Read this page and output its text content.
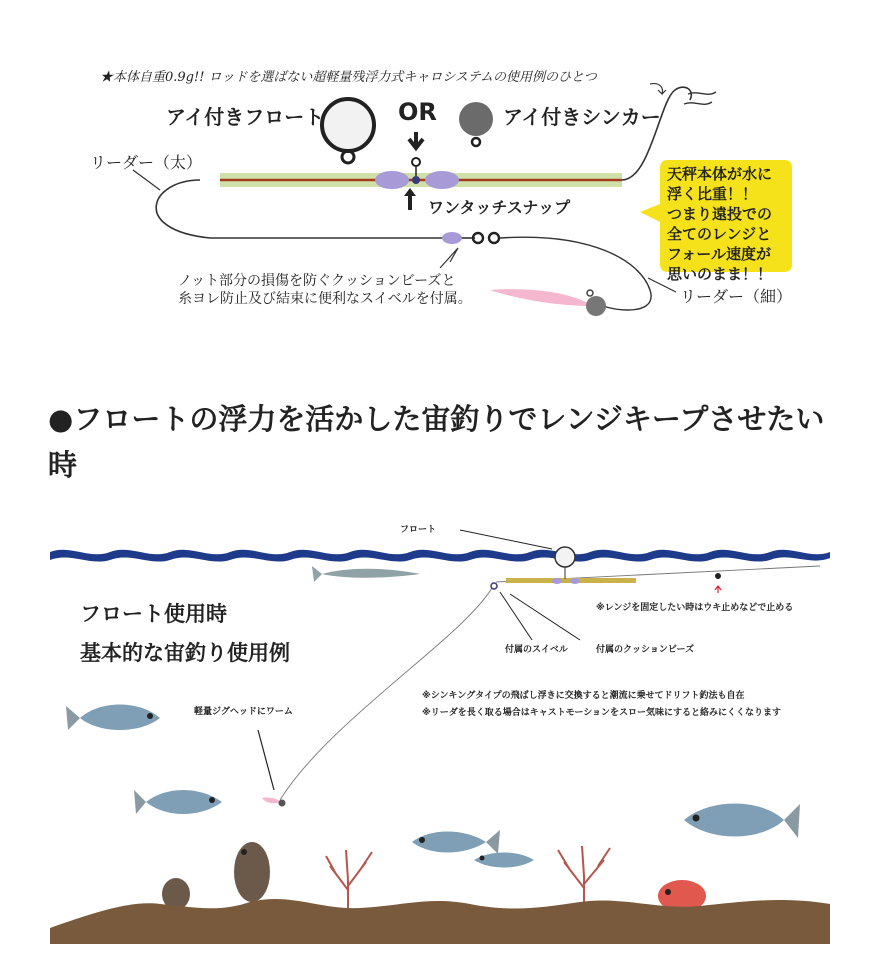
★本体自重0.9g!! ロッドを選ばない超軽量残浮力式キャロシステムの使用例のひとつ
アイ付きフロート	OR	アイ付きシンカー
リーダー（太）
ワンタッチスナップ
ノット部分の損傷を防ぐクッションビーズと
糸ヨレ防止及び結束に便利なスイベルを付属。	リーダー（細）
天秤本体が水に
浮く比重！！
つまり遠投での
全てのレンジと
フォール速度が
思いのまま！！
●フロートの浮力を活かした宙釣りでレンジキープさせたい時
フロート
フロート使用時
基本的な宙釣り使用例
※レンジを固定したい時はウキ止めなどで止める
付属のスイベル	付属のクッションビーズ
※シンキングタイプの飛ばし浮きに交換すると潮流に乗せてドリフト釣法も自在
※リーダを長く取る場合はキャストモーションをスロー気味にすると絡みにくくなります
軽量ジグヘッドにワーム
